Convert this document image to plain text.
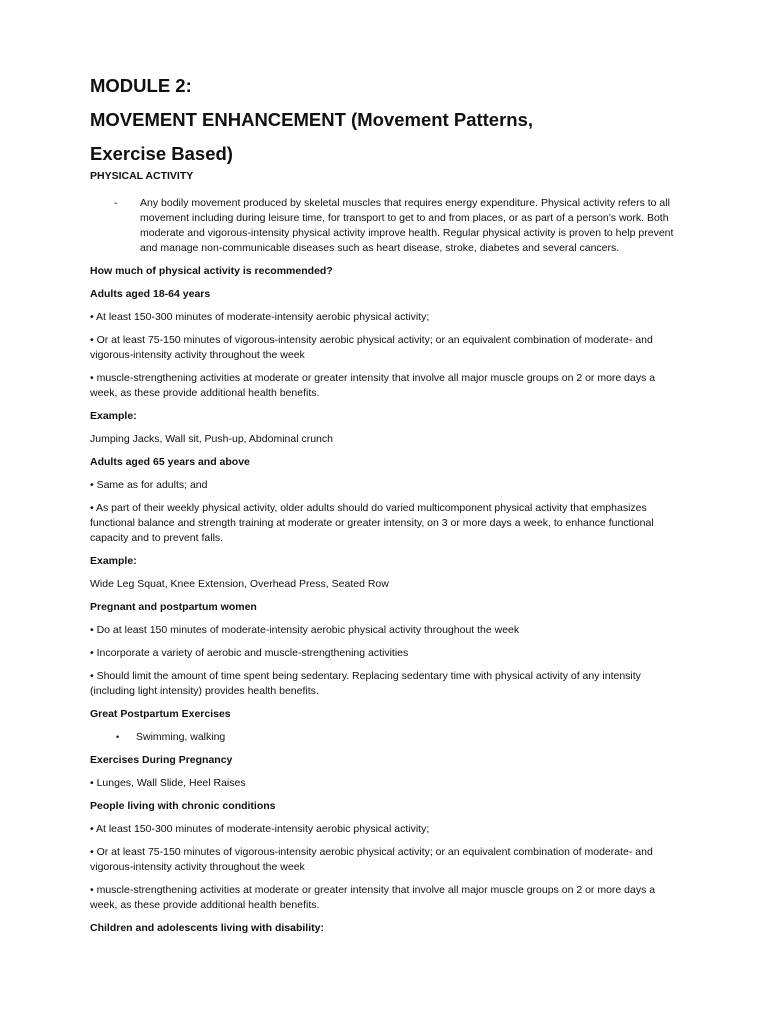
MODULE 2:
MOVEMENT ENHANCEMENT (Movement Patterns,
Exercise Based)

PHYSICAL ACTIVITY

-	Any bodily movement produced by skeletal muscles that requires energy expenditure. Physical activity refers to all movement including during leisure time, for transport to get to and from places, or as part of a person’s work. Both moderate and vigorous-intensity physical activity improve health. Regular physical activity is proven to help prevent and manage non-communicable diseases such as heart disease, stroke, diabetes and several cancers.

How much of physical activity is recommended?

Adults aged 18-64 years

• At least 150-300 minutes of moderate-intensity aerobic physical activity;

• Or at least 75-150 minutes of vigorous-intensity aerobic physical activity; or an equivalent combination of moderate- and vigorous-intensity activity throughout the week

• muscle-strengthening activities at moderate or greater intensity that involve all major muscle groups on 2 or more days a week, as these provide additional health benefits.

Example:

Jumping Jacks, Wall sit, Push-up, Abdominal crunch

Adults aged 65 years and above

• Same as for adults; and

• As part of their weekly physical activity, older adults should do varied multicomponent physical activity that emphasizes functional balance and strength training at moderate or greater intensity, on 3 or more days a week, to enhance functional capacity and to prevent falls.

Example:

Wide Leg Squat, Knee Extension, Overhead Press, Seated Row

Pregnant and postpartum women

• Do at least 150 minutes of moderate-intensity aerobic physical activity throughout the week

• Incorporate a variety of aerobic and muscle-strengthening activities

• Should limit the amount of time spent being sedentary. Replacing sedentary time with physical activity of any intensity (including light intensity) provides health benefits.

Great Postpartum Exercises

•	Swimming, walking

Exercises During Pregnancy

• Lunges, Wall Slide, Heel Raises

People living with chronic conditions

• At least 150-300 minutes of moderate-intensity aerobic physical activity;

• Or at least 75-150 minutes of vigorous-intensity aerobic physical activity; or an equivalent combination of moderate- and vigorous-intensity activity throughout the week

• muscle-strengthening activities at moderate or greater intensity that involve all major muscle groups on 2 or more days a week, as these provide additional health benefits.

Children and adolescents living with disability:
